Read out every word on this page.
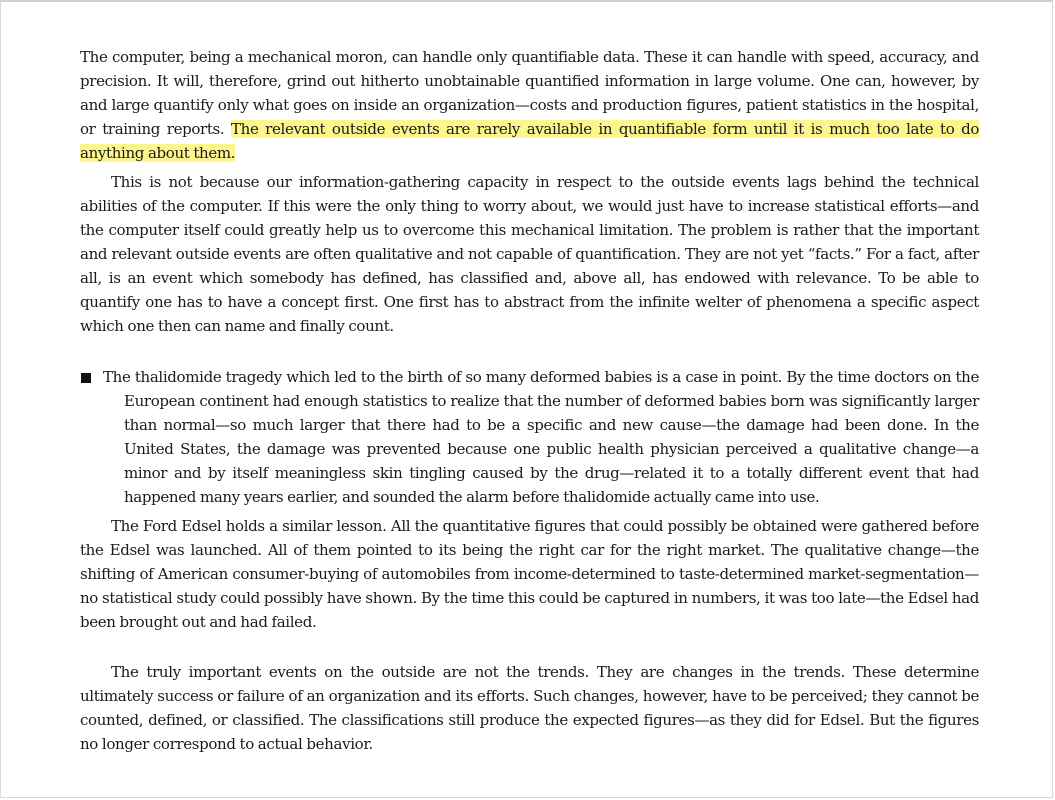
The computer, being a mechanical moron, can handle only quantifiable data. These it can handle with speed, accuracy, and precision. It will, therefore, grind out hitherto unobtainable quantified information in large volume. One can, however, by and large quantify only what goes on inside an organization—costs and production figures, patient statistics in the hospital, or training reports. The relevant outside events are rarely available in quantifiable form until it is much too late to do anything about them.

This is not because our information-gathering capacity in respect to the outside events lags behind the technical abilities of the computer. If this were the only thing to worry about, we would just have to increase statistical efforts—and the computer itself could greatly help us to overcome this mechanical limitation. The problem is rather that the important and relevant outside events are often qualitative and not capable of quantification. They are not yet “facts.” For a fact, after all, is an event which somebody has defined, has classified and, above all, has endowed with relevance. To be able to quantify one has to have a concept first. One first has to abstract from the infinite welter of phenomena a specific aspect which one then can name and finally count.

The thalidomide tragedy which led to the birth of so many deformed babies is a case in point. By the time doctors on the European continent had enough statistics to realize that the number of deformed babies born was significantly larger than normal—so much larger that there had to be a specific and new cause—the damage had been done. In the United States, the damage was prevented because one public health physician perceived a qualitative change—a minor and by itself meaningless skin tingling caused by the drug—related it to a totally different event that had happened many years earlier, and sounded the alarm before thalidomide actually came into use.

The Ford Edsel holds a similar lesson. All the quantitative figures that could possibly be obtained were gathered before the Edsel was launched. All of them pointed to its being the right car for the right market. The qualitative change—the shifting of American consumer-buying of automobiles from income-determined to taste-determined market-segmentation—no statistical study could possibly have shown. By the time this could be captured in numbers, it was too late—the Edsel had been brought out and had failed.

The truly important events on the outside are not the trends. They are changes in the trends. These determine ultimately success or failure of an organization and its efforts. Such changes, however, have to be perceived; they cannot be counted, defined, or classified. The classifications still produce the expected figures—as they did for Edsel. But the figures no longer correspond to actual behavior.
